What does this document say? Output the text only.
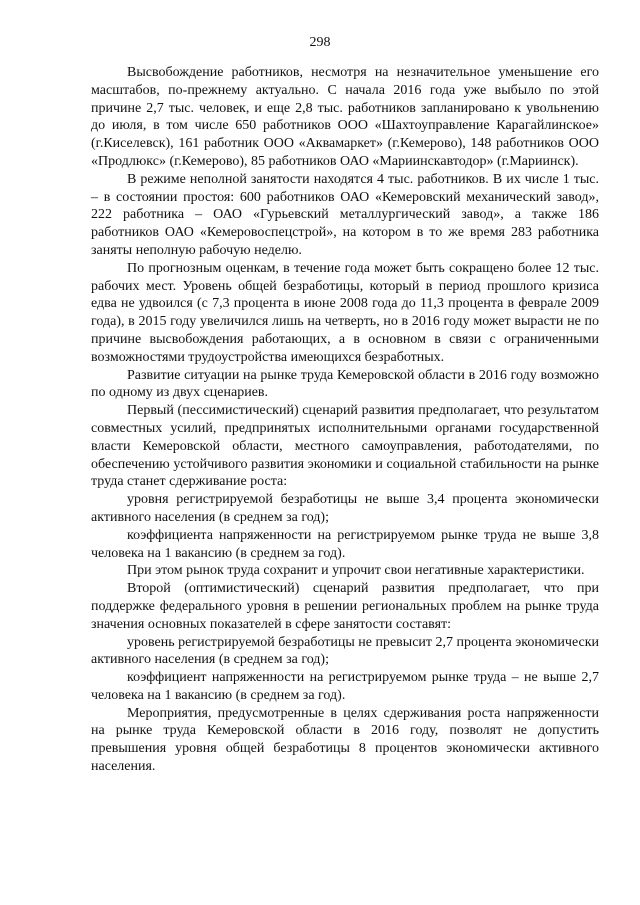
298

Высвобождение работников, несмотря на незначительное уменьшение его масштабов, по-прежнему актуально. С начала 2016 года уже выбыло по этой причине 2,7 тыс. человек, и еще 2,8 тыс. работников запланировано к увольнению до июля, в том числе 650 работников ООО «Шахтоуправление Карагайлинское» (г.Киселевск), 161 работник ООО «Аквамаркет» (г.Кемерово), 148 работников ООО «Продлюкс» (г.Кемерово), 85 работников ОАО «Мариинскавтодор» (г.Мариинск).

В режиме неполной занятости находятся 4 тыс. работников. В их числе 1 тыс. – в состоянии простоя: 600 работников ОАО «Кемеровский механический завод», 222 работника – ОАО «Гурьевский металлургический завод», а также 186 работников ОАО «Кемеровоспецстрой», на котором в то же время 283 работника заняты неполную рабочую неделю.

По прогнозным оценкам, в течение года может быть сокращено более 12 тыс. рабочих мест. Уровень общей безработицы, который в период прошлого кризиса едва не удвоился (с 7,3 процента в июне 2008 года до 11,3 процента в феврале 2009 года), в 2015 году увеличился лишь на четверть, но в 2016 году может вырасти не по причине высвобождения работающих, а в основном в связи с ограниченными возможностями трудоустройства имеющихся безработных.

Развитие ситуации на рынке труда Кемеровской области в 2016 году возможно по одному из двух сценариев.

Первый (пессимистический) сценарий развития предполагает, что результатом совместных усилий, предпринятых исполнительными органами государственной власти Кемеровской области, местного самоуправления, работодателями, по обеспечению устойчивого развития экономики и социальной стабильности на рынке труда станет сдерживание роста:

уровня регистрируемой безработицы не выше 3,4 процента экономически активного населения (в среднем за год);

коэффициента напряженности на регистрируемом рынке труда не выше 3,8 человека на 1 вакансию (в среднем за год).

При этом рынок труда сохранит и упрочит свои негативные характеристики.

Второй (оптимистический) сценарий развития предполагает, что при поддержке федерального уровня в решении региональных проблем на рынке труда значения основных показателей в сфере занятости составят:

уровень регистрируемой безработицы не превысит 2,7 процента экономически активного населения (в среднем за год);

коэффициент напряженности на регистрируемом рынке труда – не выше 2,7 человека на 1 вакансию (в среднем за год).

Мероприятия, предусмотренные в целях сдерживания роста напряженности на рынке труда Кемеровской области в 2016 году, позволят не допустить превышения уровня общей безработицы 8 процентов экономически активного населения.
